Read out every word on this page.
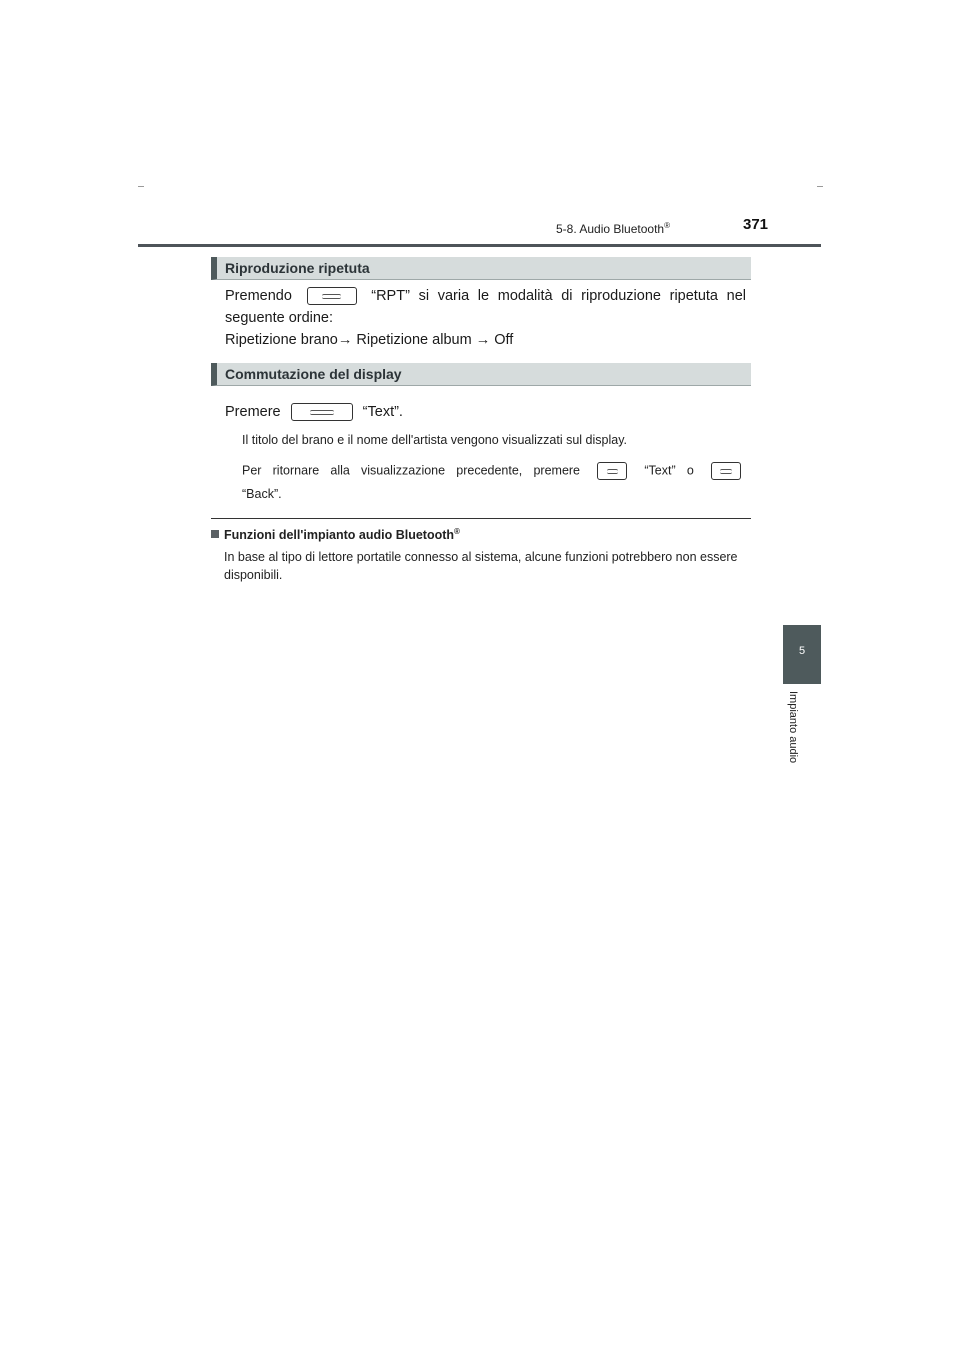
5-8. Audio Bluetooth®	371
5
Impianto audio
Riproduzione ripetuta
Premendo	“RPT” si varia le modalità di riproduzione ripetuta nel
seguente ordine:
Ripetizione brano→ Ripetizione album → Off
Commutazione del display
Premere	“Text”.
Il titolo del brano e il nome dell'artista vengono visualizzati sul display.
Per ritornare alla visualizzazione precedente, premere	“Text” o
“Back”.
Funzioni dell'impianto audio Bluetooth®
In base al tipo di lettore portatile connesso al sistema, alcune funzioni potrebbero non essere disponibili.
